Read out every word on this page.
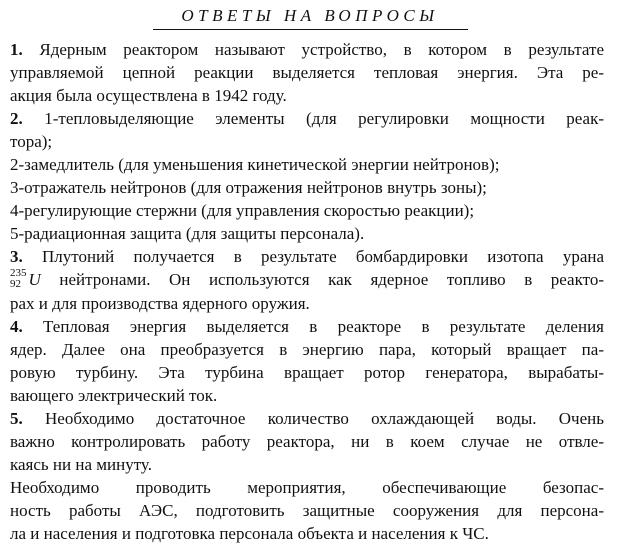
ОТВЕТЫ НА ВОПРОСЫ
1. Ядерным реактором называют устройство, в котором в результате
управляемой цепной реакции выделяется тепловая энергия. Эта ре-
акция была осуществлена в 1942 году.
2. 1-тепловыделяющие элементы (для регулировки мощности реак-
тора);
2-замедлитель (для уменьшения кинетической энергии нейтронов);
3-отражатель нейтронов (для отражения нейтронов внутрь зоны);
4-регулирующие стержни (для управления скоростью реакции);
5-радиационная защита (для защиты персонала).
3. Плутоний получается в результате бомбардировки изотопа урана
235
92 U нейтронами. Он используются как ядерное топливо в реакто-
рах и для производства ядерного оружия.
4. Тепловая энергия выделяется в реакторе в результате деления
ядер. Далее она преобразуется в энергию пара, который вращает па-
ровую турбину. Эта турбина вращает ротор генератора, вырабаты-
вающего электрический ток.
5. Необходимо достаточное количество охлаждающей воды. Очень
важно контролировать работу реактора, ни в коем случае не отвле-
каясь ни на минуту.
Необходимо проводить мероприятия, обеспечивающие безопас-
ность работы АЭС, подготовить защитные сооружения для персона-
ла и населения и подготовка персонала объекта и населения к ЧС.
